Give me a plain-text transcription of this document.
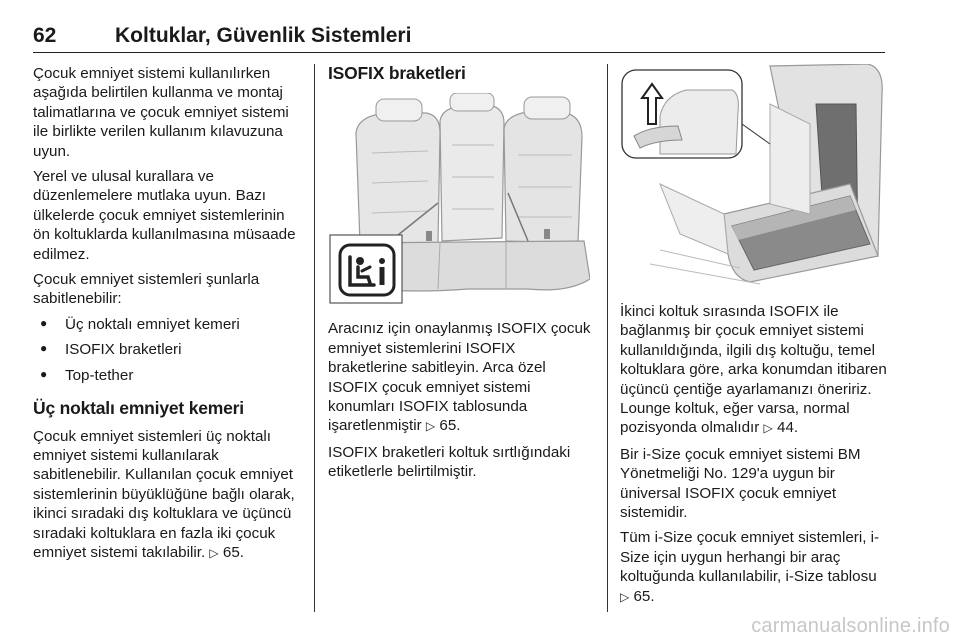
62	Koltuklar, Güvenlik Sistemleri

Çocuk emniyet sistemi kullanılırken aşağıda belirtilen kullanma ve montaj talimatlarına ve çocuk emniyet sistemi ile birlikte verilen kullanım kılavuzuna uyun.

Yerel ve ulusal kurallara ve düzenlemelere mutlaka uyun. Bazı ülkelerde çocuk emniyet sistemlerinin ön koltuklarda kullanılmasına müsaade edilmez.

Çocuk emniyet sistemleri şunlarla sabitlenebilir:

● Üç noktalı emniyet kemeri
● ISOFIX braketleri
● Top-tether
Üç noktalı emniyet kemeri

Çocuk emniyet sistemleri üç noktalı emniyet sistemi kullanılarak sabitlenebilir. Kullanılan çocuk emniyet sistemlerinin büyüklüğüne bağlı olarak, ikinci sıradaki dış koltuklara ve üçüncü sıradaki koltuklara en fazla iki çocuk emniyet sistemi takılabilir. ▷ 65.

ISOFIX braketleri

Aracınız için onaylanmış ISOFIX çocuk emniyet sistemlerini ISOFIX braketlerine sabitleyin. Arca özel ISOFIX çocuk emniyet sistemi konumları ISOFIX tablosunda işaretlenmiştir ▷ 65.

ISOFIX braketleri koltuk sırtlığındaki etiketlerle belirtilmiştir.

İkinci koltuk sırasında ISOFIX ile bağlanmış bir çocuk emniyet sistemi kullanıldığında, ilgili dış koltuğu, temel koltuklara göre, arka konumdan itibaren üçüncü çentiğe ayarlamanızı öneririz. Lounge koltuk, eğer varsa, normal pozisyonda olmalıdır ▷ 44.

Bir i-Size çocuk emniyet sistemi BM Yönetmeliği No. 129'a uygun bir üniversal ISOFIX çocuk emniyet sistemidir.

Tüm i-Size çocuk emniyet sistemleri, i-Size için uygun herhangi bir araç koltuğunda kullanılabilir, i-Size tablosu ▷ 65.

carmanualsonline.info
